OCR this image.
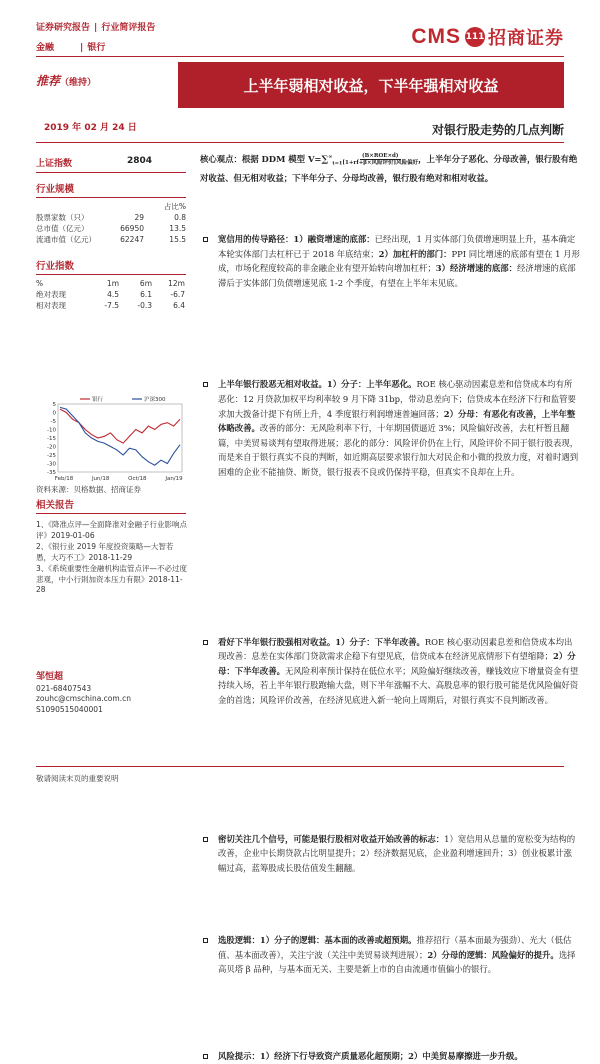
证券研究报告 | 行业简评报告
金融	| 银行	CMS 111 招商证券
推荐（维持）	上半年弱相对收益，下半年强相对收益
2019 年 02 月 24 日	对银行股走势的几点判断
上证指数	2804
行业规模
占比%
股票家数（只）	29	0.8
总市值（亿元）	66950	13.5
流通市值（亿元）	62247	15.5
行业指数
%	1m	6m	12m
绝对表现	4.5	6.1	-6.7
相对表现	-7.5	-0.3	6.4
5
0
-5
-10
-15
-20
-25
-30
-35
Feb/18	Jun/18	Oct/18	Jan/19
银行	沪深300
资料来源：贝格数据、招商证券
相关报告
1、《降准点评—全面降准对金融子行业影响点评》2019-01-06
2、《银行业 2019 年度投资策略—大智若愚，大巧不工》2018-11-29
3、《系统重要性金融机构监管点评—不必过度悲观，中小行則加资本压力有限》2018-11-28
邹恒超
021-68407543
zouhc@cmschina.com.cn
S1090515040001
核心观点：根据 DDM 模型 $V=\sum^\infty_{t=1} \frac{\text{(B×ROE×d)}}{\text{[1+rf+β×风险评价]风险偏好}}$ ，上半年分子恶化、分母改善，银行股有绝对收益、但无相对收益；下半年分子、分母均改善，银行股有绝对和相对收益。
宽信用的传导路径：1）融资增速的底部：已经出现，1 月实体部门负债增速明显上升，基本确定本轮实体部门去杠杆已于 2018 年底结束；2）加杠杆的部门：PPI 同比增速的底部有望在 1 月形成，市场化程度较高的非金融企业有望开始转向增加杠杆；3）经济增速的底部：经济增速的底部滞后于实体部门负债增速见底 1-2 个季度，有望在上半年末见底。
上半年银行股恶无相对收益。1）分子：上半年恶化。ROE 核心驱动因素息差和信贷成本均有所恶化：12 月贷款加权平均利率较 9 月下降 31bp，带动息差向下；信贷成本在经济下行和监管要求加大拨备计提下有所上升，4 季度银行利润增速普遍回落；2）分母：有恶化有改善，上半年整体略改善。改善的部分：无风险利率下行，十年期国债逼近 3%；风险偏好改善，去杠杆暂且翻篇，中美贸易谈判有望取得进展；恶化的部分：风险评价仍在上行，风险评价不同于银行股表现，而是来自于银行真实不良的判断，如近期高层要求银行加大对民企和小微的投放力度，对着时遇到困难的企业不能抽贷、断贷，银行报表不良或仍保持平稳，但真实不良却在上升。
看好下半年银行股强相对收益。1）分子：下半年改善。ROE 核心驱动因素息差和信贷成本均出现改善：息差在实体部门贷款需求企稳下有望见底，信贷成本在经济见底情形下有望缩降；2）分母：下半年改善。无风险利率预计保持在低位水平；风险偏好继续改善，赚钱效应下增量资金有望持续入场，若上半年银行股跑输大盘，则下半年涨幅不大、高股息率的银行股可能是优风险偏好资金的首选；风险评价改善，在经济见底进入新一轮向上周期后，对银行真实不良判断改善。
密切关注几个信号，可能是银行股相对收益开始改善的标志：1）宽信用从总量的宽松变为结构的改善，企业中长期贷款占比明显提升；2）经济数据见底，企业盈利增速回升；3）创业板累计涨幅过高，蓝筹股成长股估值发生翻翻。
选股逻辑：1）分子的逻辑：基本面的改善或超预期。推荐招行（基本面最为强劲）、光大（低估值、基本面改善），关注宁波（关注中美贸易谈判进展）；2）分母的逻辑：风险偏好的提升。选择高贝塔 β 品种，与基本面无关、主要是新上市的自由流通市值偏小的银行。
风险提示：1）经济下行导致资产质量恶化超预期；2）中美贸易摩擦进一步升级。
敬请阅读末页的重要说明
